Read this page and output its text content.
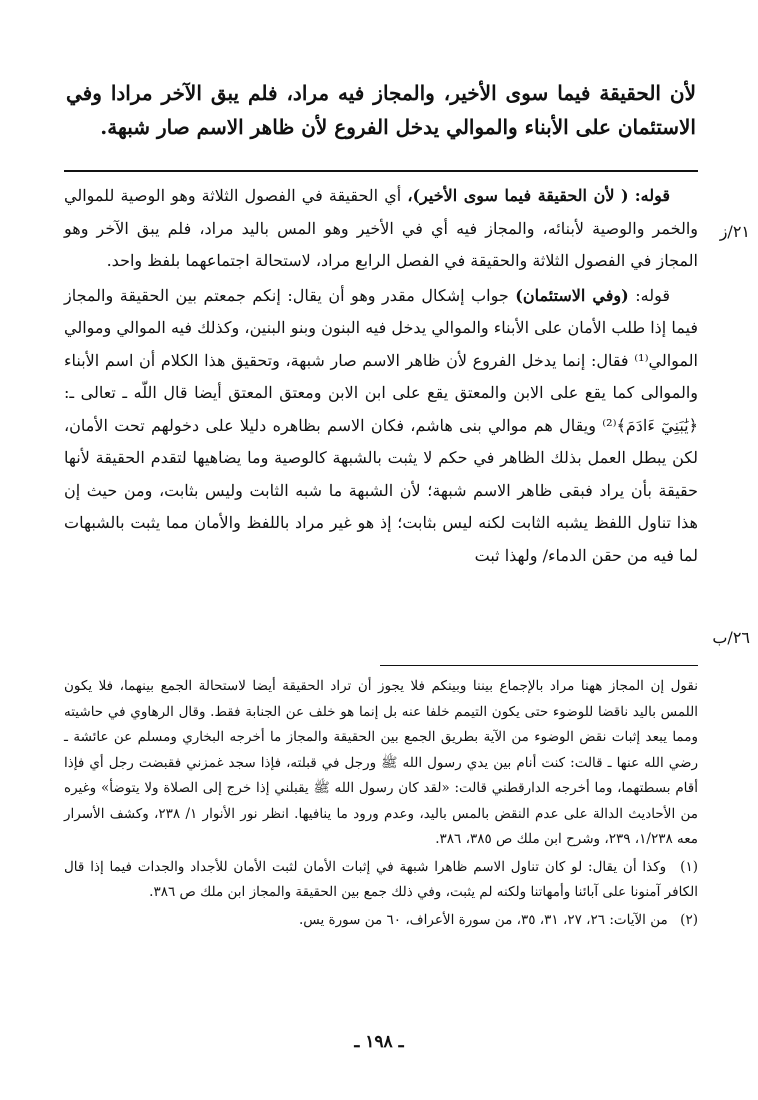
لأن الحقيقة فيما سوى الأخير، والمجاز فيه مراد، فلم يبق الآخر مرادا وفي الاستئمان على الأبناء والموالي يدخل الفروع لأن ظاهر الاسم صار شبهة.

قوله: ( لأن الحقيقة فيما سوى الأخير)، أي الحقيقة في الفصول الثلاثة وهو الوصية للموالي والخمر والوصية لأبنائه، والمجاز فيه أي في الأخير وهو المس باليد مراد، فلم يبق الآخر وهو المجاز في الفصول الثلاثة والحقيقة في الفصل الرابع مراد، لاستحالة اجتماعهما بلفظ واحد.

قوله: (وفي الاستئمان) جواب إشكال مقدر وهو أن يقال: إنكم جمعتم بين الحقيقة والمجاز فيما إذا طلب الأمان على الأبناء والموالي يدخل فيه البنون وبنو البنين، وكذلك فيه الموالي وموالي الموالي⁽¹⁾ فقال: إنما يدخل الفروع لأن ظاهر الاسم صار شبهة، وتحقيق هذا الكلام أن اسم الأبناء والموالى كما يقع على الابن والمعتق يقع على ابن الابن ومعتق المعتق أيضا قال اللّه ـ تعالى ـ: ﴿يَٰبَنِيٓ ءَادَمَ﴾⁽²⁾ ويقال هم موالي بنى هاشم، فكان الاسم بظاهره دليلا على دخولهم تحت الأمان، لكن يبطل العمل بذلك الظاهر في حكم لا يثبت بالشبهة كالوصية وما يضاهيها لتقدم الحقيقة لأنها حقيقة بأن يراد فبقى ظاهر الاسم شبهة؛ لأن الشبهة ما شبه الثابت وليس بثابت، ومن حيث إن هذا تناول اللفظ يشبه الثابت لكنه ليس بثابت؛ إذ هو غير مراد باللفظ والأمان مما يثبت بالشبهات لما فيه من حقن الدماء/ ولهذا ثبت

٢١/ز
٢٦/ب

نقول إن المجاز ههنا مراد بالإجماع بيننا وبينكم فلا يجوز أن تراد الحقيقة أيضا لاستحالة الجمع بينهما، فلا يكون اللمس باليد ناقضا للوضوء حتى يكون التيمم خلفا عنه بل إنما هو خلف عن الجنابة فقط. وقال الرهاوي في حاشيته ومما يبعد إثبات نقض الوضوء من الآية بطريق الجمع بين الحقيقة والمجاز ما أخرجه البخاري ومسلم عن عائشة ـ رضي الله عنها ـ قالت: كنت أنام بين يدي رسول الله ﷺ ورجل في قبلته، فإذا سجد غمزني فقبضت رجل أي فإذا أقام بسطتهما، وما أخرجه الدارقطني قالت: «لقد كان رسول الله ﷺ يقبلني إذا خرج إلى الصلاة ولا يتوضأ» وغيره من الأحاديث الدالة على عدم النقض بالمس باليد، وعدم ورود ما ينافيها. انظر نور الأنوار ١/ ٢٣٨، وكشف الأسرار معه ١/٢٣٨، ٢٣٩، وشرح ابن ملك ص ٣٨٥، ٣٨٦.

(١) وكذا أن يقال: لو كان تناول الاسم ظاهرا شبهة في إثبات الأمان لثبت الأمان للأجداد والجدات فيما إذا قال الكافر آمنونا على آبائنا وأمهاتنا ولكنه لم يثبت، وفي ذلك جمع بين الحقيقة والمجاز ابن ملك ص ٣٨٦.

(٢) من الآيات: ٢٦، ٢٧، ٣١، ٣٥، من سورة الأعراف، ٦٠ من سورة يس.

ـ ١٩٨ ـ
